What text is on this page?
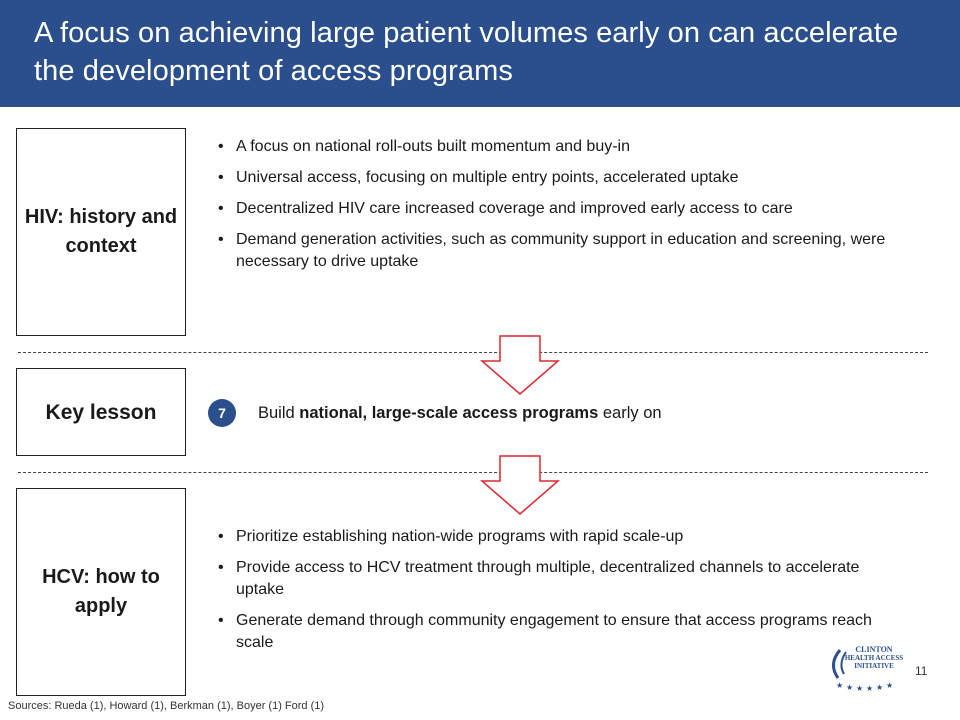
A focus on achieving large patient volumes early on can accelerate the development of access programs
HIV: history and context
• A focus on national roll-outs built momentum and buy-in
• Universal access, focusing on multiple entry points, accelerated uptake
• Decentralized HIV care increased coverage and improved early access to care
• Demand generation activities, such as community support in education and screening, were necessary to drive uptake
Key lesson	7	Build national, large-scale access programs early on
HCV: how to apply
• Prioritize establishing nation-wide programs with rapid scale-up
• Provide access to HCV treatment through multiple, decentralized channels to accelerate uptake
• Generate demand through community engagement to ensure that access programs reach scale
★ ★ ★ ★ ★ ★
CLINTON
HEALTH ACCESS
INITIATIVE	11
Sources: Rueda (1), Howard (1), Berkman (1), Boyer (1) Ford (1)
